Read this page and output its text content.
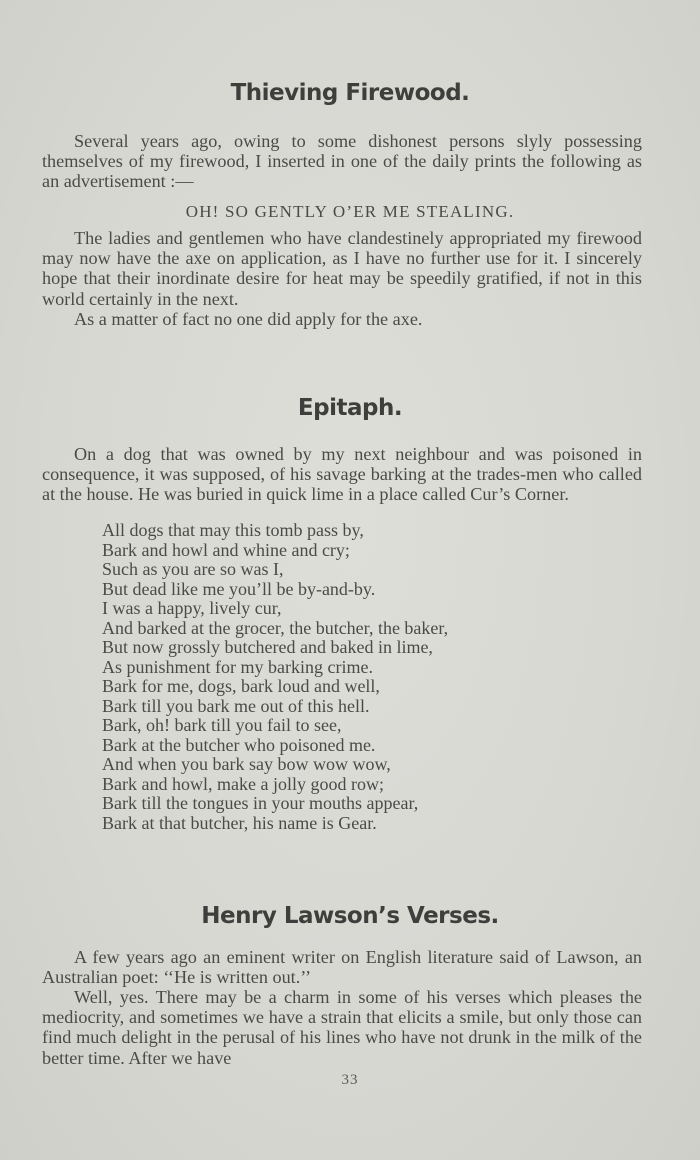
Thieving Firewood.

Several years ago, owing to some dishonest persons slyly possessing themselves of my firewood, I inserted in one of the daily prints the following as an advertisement :—

OH! SO GENTLY O’ER ME STEALING.

The ladies and gentlemen who have clandestinely appropriated my firewood may now have the axe on application, as I have no further use for it. I sincerely hope that their inordinate desire for heat may be speedily gratified, if not in this world certainly in the next.

As a matter of fact no one did apply for the axe.

Epitaph.

On a dog that was owned by my next neighbour and was poisoned in consequence, it was supposed, of his savage barking at the trades-men who called at the house. He was buried in quick lime in a place called Cur’s Corner.

All dogs that may this tomb pass by,
Bark and howl and whine and cry;
Such as you are so was I,
But dead like me you’ll be by-and-by.
I was a happy, lively cur,
And barked at the grocer, the butcher, the baker,
But now grossly butchered and baked in lime,
As punishment for my barking crime.
Bark for me, dogs, bark loud and well,
Bark till you bark me out of this hell.
Bark, oh! bark till you fail to see,
Bark at the butcher who poisoned me.
And when you bark say bow wow wow,
Bark and howl, make a jolly good row;
Bark till the tongues in your mouths appear,
Bark at that butcher, his name is Gear.
Henry Lawson’s Verses.

A few years ago an eminent writer on English literature said of Lawson, an Australian poet: ‘‘He is written out.’’

Well, yes. There may be a charm in some of his verses which pleases the mediocrity, and sometimes we have a strain that elicits a smile, but only those can find much delight in the perusal of his lines who have not drunk in the milk of the better time. After we have

33
